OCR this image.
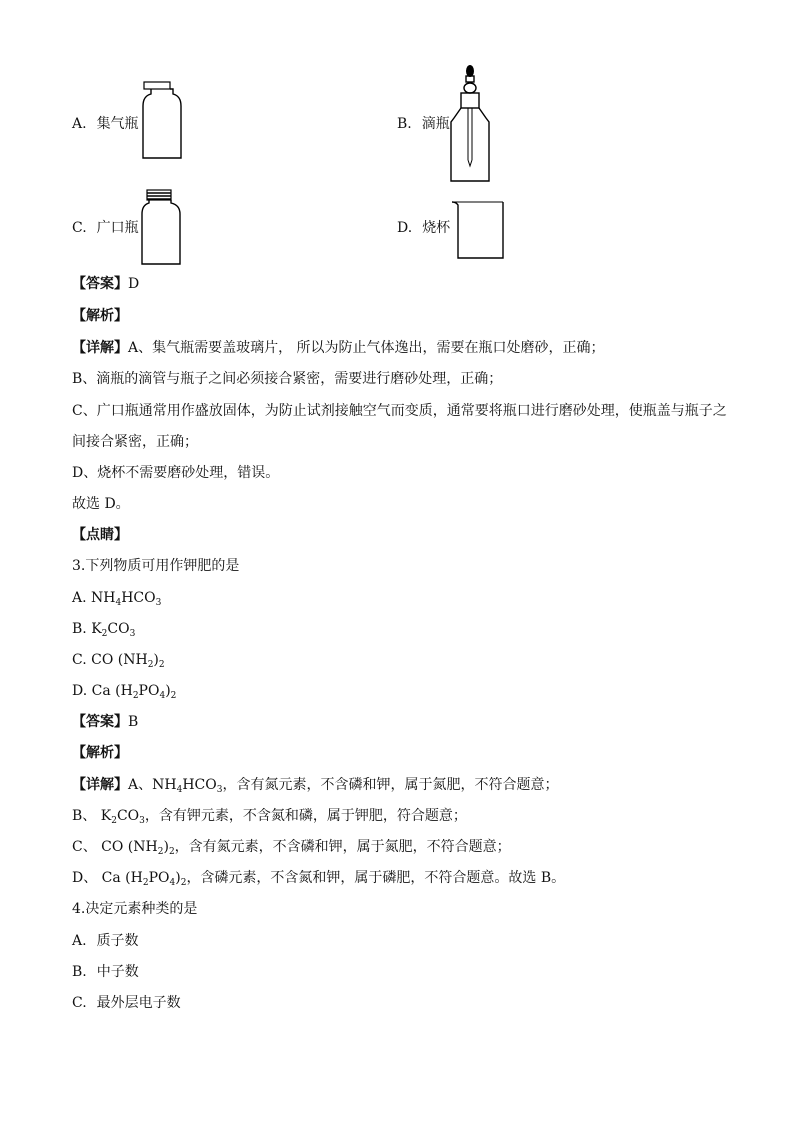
A. 集气瓶	B. 滴瓶
C. 广口瓶	D. 烧杯
【答案】D
【解析】
【详解】A、集气瓶需要盖玻璃片， 所以为防止气体逸出，需要在瓶口处磨砂，正确；
B、滴瓶的滴管与瓶子之间必须接合紧密，需要进行磨砂处理，正确；
C、广口瓶通常用作盛放固体，为防止试剂接触空气而变质，通常要将瓶口进行磨砂处理，使瓶盖与瓶子之
间接合紧密，正确；
D、烧杯不需要磨砂处理，错误。
故选 D。
【点睛】
3.下列物质可用作钾肥的是
A. $NH_4HCO_3$
B. $K_2CO_3$
C. CO $(NH_2)_2$
D. Ca $(H_2PO_4)_2$
【答案】B
【解析】
【详解】A、$NH_4HCO_3$，含有氮元素，不含磷和钾，属于氮肥，不符合题意；
B、 $K_2CO_3$，含有钾元素，不含氮和磷，属于钾肥，符合题意；
C、 CO $(NH_2)_2$，含有氮元素，不含磷和钾，属于氮肥，不符合题意；
D、 Ca $(H_2PO_4)_2$，含磷元素，不含氮和钾，属于磷肥，不符合题意。故选 B。
4.决定元素种类的是
A. 质子数
B. 中子数
C. 最外层电子数
